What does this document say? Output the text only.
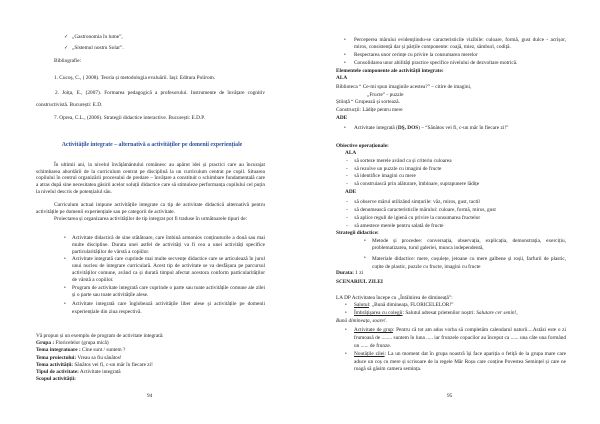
✓ „Gastronomia în lume”,
✓ „Sistemul nostru Solar”.
Bibliografie:
1. Cucoș, C., ( 2008). Teoria și metodologia evaluării. Iași: Editura Polirom.
2. Joița, E., (2007). Formarea pedagogică a profesorului. Instrumente de învățare cognitiv constructivistă. București: E.D.
7. Oprea, C.L., (2006). Strategii didactice interactive. București: E.D.P.
Activitățile integrate – alternativă a activităților pe domenii experiențiale
În ultimii ani, la nivelul învățământului românesc au apărut idei și practici care au încurajat schimbarea abordării de la curriculum centrat pe disciplină la un curriculum centrat pe copil. Situarea copilului în centrul organizării procesului de predare – învățare a constituit o schimbare fundamentală care a atras după sine necesitatea găsirii acelor soluții didactice care să stimuleze performanța copilului cel puțin la nivelul descris de potențialul său.
Curriculum actual impune activitățile integrate ca tip de activitate didactică alternativă pentru activitățile pe domenii experiențiale sau pe categorii de activitate.
Proiectarea și organizarea activităților de tip integrat pot fi traduse în următoarele tipuri de:
• Activitate didactică de sine stătătoare, care îmbină armonios conținuturile a două sau mai multe discipline. Durata unei astfel de activități va fi cea a unei activități specifice particularităților de vârstă a copiilor.
• Activitate integrată care cuprinde mai multe secvențe didactice care se articulează în jurul unui nucleu de integrare curriculară. Acest tip de activitate se va desfășura pe parcursul activităților comune, având ca și durată timpul afectat acestora conform particularităților de vârstă a copiilor.
• Program de activitate integrată care cuprinde o parte sau toate activitățile comune ale zilei și o parte sau toate activitățile alese.
• Activitate integrată care înglobează activitățile liber alese și activitățile pe domenii experiențiale din ziua respectivă.
Vă propun și un exemplu de program de activitate integrată:
Grupa : Floricelelor (grupa mică)
Tema integratoare : Cine sunt / suntem ?
Tema proiectului: Vreau sa fiu sănătos!
Tema activității: Sănătos vei fi, c-un măr în fiecare zi!
Tipul de activitate: Activitate integrată
Scopul activității:
94
• Perceperea mărului evidențiindu-se caracteristicile vizibile: culoare, formă, gust dulce - acrișor, miros, consistență dar și părțile componente: coajă, miez, sâmburi, codiță.
• Respectarea unor cerințe cu privire la consumarea merelor
• Consolidarea unor abilități practice specifice nivelului de dezvoltare motrică.
Elementele componente ale activității integrate:
ALA
Biblioteca “ Ce-mi spun imaginile acestea?” – citire de imagini,
„Fructe” - puzzle
Știință “ Grupează și sortează.
Construcții: Lădițe pentru mere
ADE
• Activitate integrată (DŞ, DOS) – “Sănătos vei fi, c-un măr în fiecare zi!”
Obiective operaționale:
ALA
-     să sorteze merele având ca și criteriu culoarea
-     să rezolve un puzzle cu imagini de fructe
-     să identifice imagini cu mere
-     să construiască prin alăturare, îmbinare, suprapunere lădițe
ADE
-     să observe mărul utilizând simțurile: văz, miros, gust, tactil
-     să denumească caracteristicile mărului: culoare, formă, miros, gust
-     să aplice reguli de igienă cu privire la consumarea fructelor
-     să amestece merele pentru salată de fructe
Strategii didactice:
• Metode și procedee: conversația, observația, explicația, demonstrația, exercițiu, problematizarea, turul galeriei, munca independentă,
• Materiale didactice: mere, coșulețe, jetoane cu mere galbene și roșii, farfurii de plastic, cuțite de plastic, puzzle cu fructe, imagini cu fructe
Durata: 1 zi
SCENARIUL ZILEI
LA DP Activitatea începe cu „Întâlnirea de dimineață”:
• Salutul: „Bună dimineața, FLORICELELOR!”
• Îmbrățișarea cu colegii: Salutul adresat prietenilor noștri: Salutare cer senin!,
Bună dimineața, soare!.
• Activitate de grup: Pentru că tot am adus vorba să completăm calendarul naturii....Astăzi este o zi frumoasă de ........ suntem în luna ..... iar frunzele copacilor au început ca ...... una câte una formând un ...... de frunze.
• Noutățile zilei: La un moment dat în grupa noastră își face apariția o fetiță de la grupa mare care aduce un coș cu mere și scrisoare de la regele Măr Roșu care conține Povestea Semințel și care ne roagă să găsim camera semința.
95
